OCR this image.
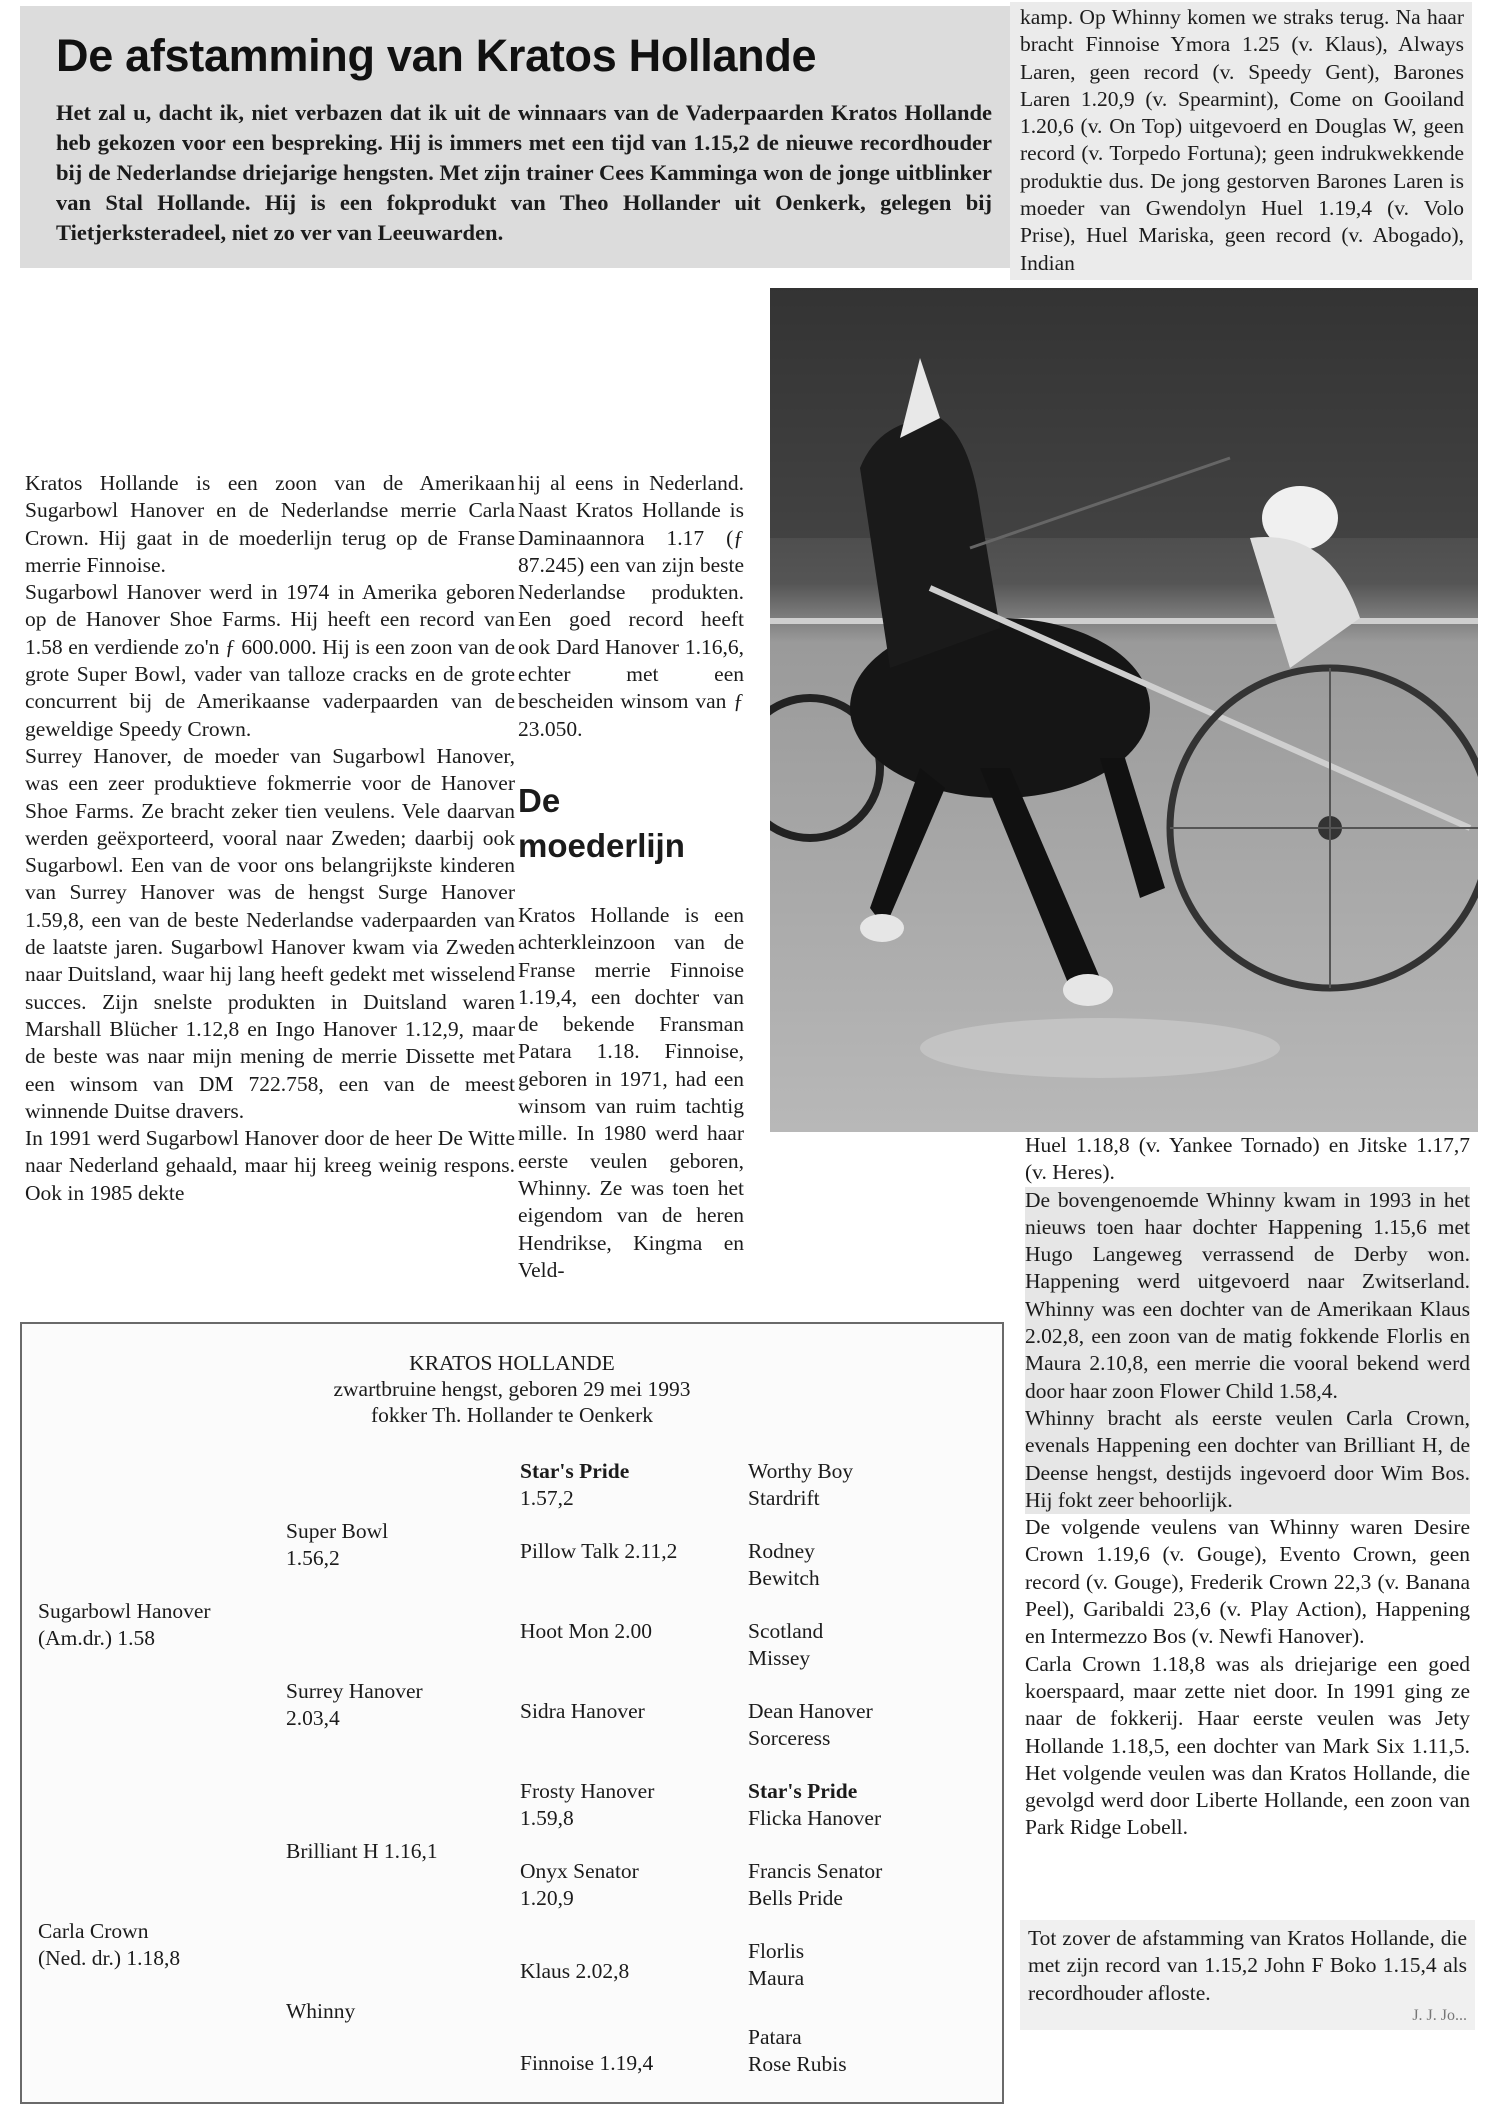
De afstamming van Kratos Hollande

Het zal u, dacht ik, niet verbazen dat ik uit de winnaars van de Vaderpaarden Kratos Hollande heb gekozen voor een bespreking. Hij is immers met een tijd van 1.15,2 de nieuwe recordhouder bij de Nederlandse driejarige hengsten. Met zijn trainer Cees Kamminga won de jonge uitblinker van Stal Hollande. Hij is een fokprodukt van Theo Hollander uit Oenkerk, gelegen bij Tietjerksteradeel, niet zo ver van Leeuwarden.

kamp. Op Whinny komen we straks terug. Na haar bracht Finnoise Ymora 1.25 (v. Klaus), Always Laren, geen record (v. Speedy Gent), Barones Laren 1.20,9 (v. Spearmint), Come on Gooiland 1.20,6 (v. On Top) uitgevoerd en Douglas W, geen record (v. Torpedo Fortuna); geen indrukwekkende produktie dus. De jong gestorven Barones Laren is moeder van Gwendolyn Huel 1.19,4 (v. Volo Prise), Huel Mariska, geen record (v. Abogado), Indian

Kratos Hollande is een zoon van de Amerikaan Sugarbowl Hanover en de Nederlandse merrie Carla Crown. Hij gaat in de moederlijn terug op de Franse merrie Finnoise.

Sugarbowl Hanover werd in 1974 in Amerika geboren op de Hanover Shoe Farms. Hij heeft een record van 1.58 en verdiende zo'n ƒ 600.000. Hij is een zoon van de grote Super Bowl, vader van talloze cracks en de grote concurrent bij de Amerikaanse vaderpaarden van de geweldige Speedy Crown.

Surrey Hanover, de moeder van Sugarbowl Hanover, was een zeer produktieve fokmerrie voor de Hanover Shoe Farms. Ze bracht zeker tien veulens. Vele daarvan werden geëxporteerd, vooral naar Zweden; daarbij ook Sugarbowl. Een van de voor ons belangrijkste kinderen van Surrey Hanover was de hengst Surge Hanover 1.59,8, een van de beste Nederlandse vaderpaarden van de laatste jaren. Sugarbowl Hanover kwam via Zweden naar Duitsland, waar hij lang heeft gedekt met wisselend succes. Zijn snelste produkten in Duitsland waren Marshall Blücher 1.12,8 en Ingo Hanover 1.12,9, maar de beste was naar mijn mening de merrie Dissette met een winsom van DM 722.758, een van de meest winnende Duitse dravers.

In 1991 werd Sugarbowl Hanover door de heer De Witte naar Nederland gehaald, maar hij kreeg weinig respons. Ook in 1985 dekte

hij al eens in Nederland. Naast Kratos Hollande is Daminaannora 1.17 (ƒ 87.245) een van zijn beste Nederlandse produkten. Een goed record heeft ook Dard Hanover 1.16,6, echter met een bescheiden winsom van ƒ 23.050.

De
moederlijn

Kratos Hollande is een achterkleinzoon van de Franse merrie Finnoise 1.19,4, een dochter van de bekende Fransman Patara 1.18. Finnoise, geboren in 1971, had een winsom van ruim tachtig mille. In 1980 werd haar eerste veulen geboren, Whinny. Ze was toen het eigendom van de heren Hendrikse, Kingma en Veld-

Huel 1.18,8 (v. Yankee Tornado) en Jitske 1.17,7 (v. Heres).

De bovengenoemde Whinny kwam in 1993 in het nieuws toen haar dochter Happening 1.15,6 met Hugo Langeweg verrassend de Derby won. Happening werd uitgevoerd naar Zwitserland. Whinny was een dochter van de Amerikaan Klaus 2.02,8, een zoon van de matig fokkende Florlis en Maura 2.10,8, een merrie die vooral bekend werd door haar zoon Flower Child 1.58,4.

Whinny bracht als eerste veulen Carla Crown, evenals Happening een dochter van Brilliant H, de Deense hengst, destijds ingevoerd door Wim Bos. Hij fokt zeer behoorlijk.

De volgende veulens van Whinny waren Desire Crown 1.19,6 (v. Gouge), Evento Crown, geen record (v. Gouge), Frederik Crown 22,3 (v. Banana Peel), Garibaldi 23,6 (v. Play Action), Happening en Intermezzo Bos (v. Newfi Hanover).

Carla Crown 1.18,8 was als driejarige een goed koerspaard, maar zette niet door. In 1991 ging ze naar de fokkerij. Haar eerste veulen was Jety Hollande 1.18,5, een dochter van Mark Six 1.11,5. Het volgende veulen was dan Kratos Hollande, die gevolgd werd door Liberte Hollande, een zoon van Park Ridge Lobell.

Tot zover de afstamming van Kratos Hollande, die met zijn record van 1.15,2 John F Boko 1.15,4 als recordhouder afloste.

J. J. Jo...

KRATOS HOLLANDE
zwartbruine hengst, geboren 29 mei 1993
fokker Th. Hollander te Oenkerk
Sugarbowl Hanover
(Am.dr.) 1.58
Carla Crown
(Ned. dr.) 1.18,8
Super Bowl
1.56,2
Surrey Hanover
2.03,4
Brilliant H 1.16,1
Whinny
Star's Pride
1.57,2
Pillow Talk 2.11,2
Hoot Mon 2.00
Sidra Hanover
Frosty Hanover
1.59,8
Onyx Senator
1.20,9
Klaus 2.02,8
Finnoise 1.19,4
Worthy Boy
Stardrift
Rodney
Bewitch
Scotland
Missey
Dean Hanover
Sorceress
Star's Pride
Flicka Hanover
Francis Senator
Bells Pride
Florlis
Maura
Patara
Rose Rubis
